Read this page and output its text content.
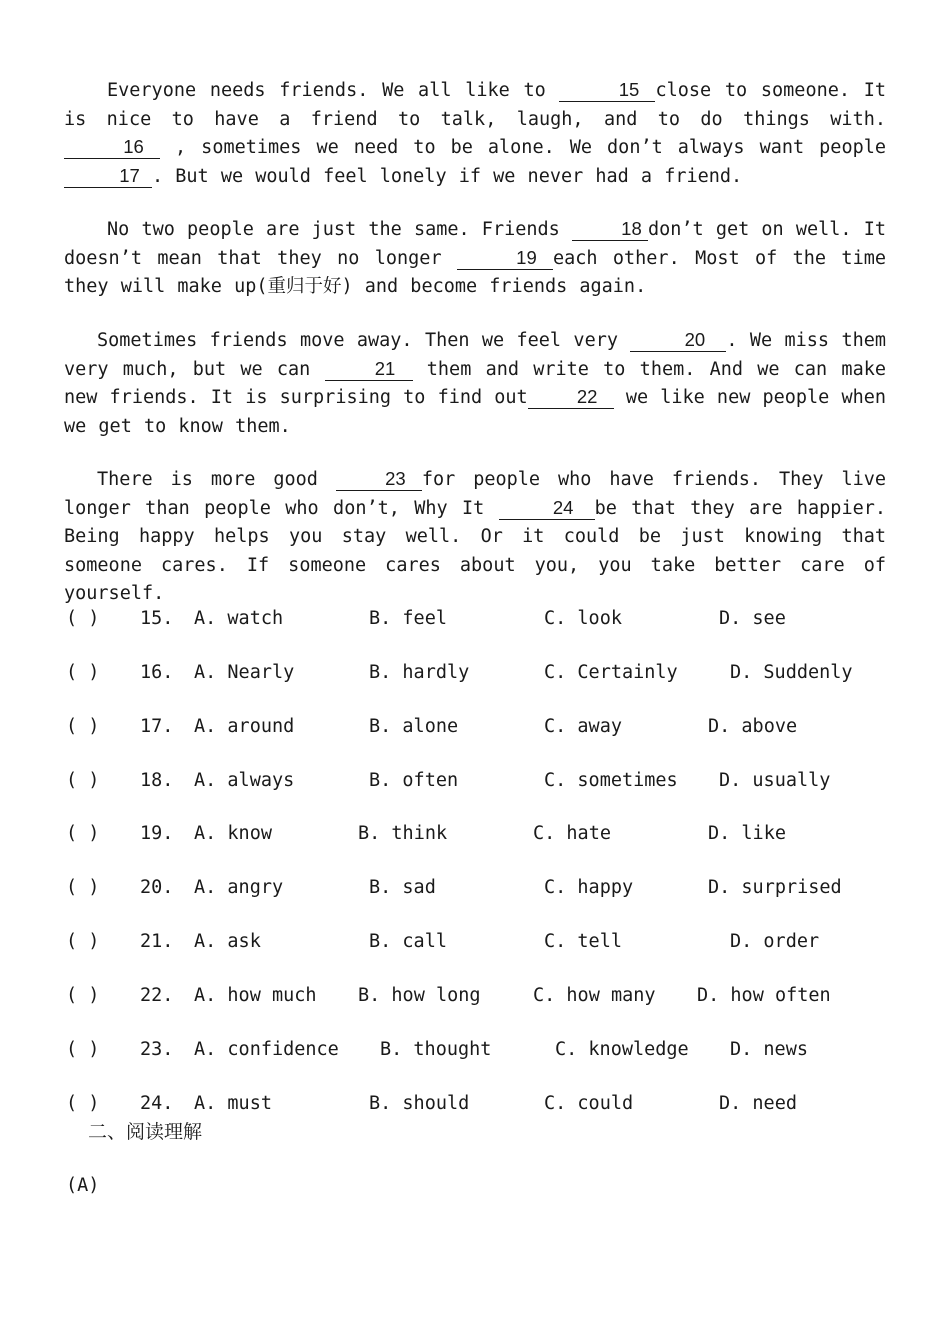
Everyone needs friends. We all like to	15 close to someone. It is nice to have a friend to talk, laugh, and to do things with. 16 , sometimes we need to be alone. We don’t always want people17 . But we would feel lonely if we never had a friend.
No two people are just the same. Friends	18 don’t get on well. It doesn’t mean that they no longer	19 each other. Most of the time they will make up(重归于好) and become friends again.
Sometimes friends move away. Then we feel very	20 . We miss them very much, but we can	21 them and write to them. And we can make new friends. It is surprising to find out	22 we like new people when we get to know them.
There is more good	23 for people who have friends. They live longer than people who don’t, Why It	24 be that they are happier. Being happy helps you stay well. Or it could be just knowing that someone cares. If someone cares about you, you take better care of yourself.
( ) 15. A. watch	B. feel	C. look	D. see
( ) 16. A. Nearly	B. hardly	C. Certainly	D. Suddenly
( ) 17. A. around	B. alone	C. away	D. above
( ) 18. A. always	B. often	C. sometimes D. usually
( ) 19. A. know	B. think	C. hate	D. like
( ) 20. A. angry	B. sad	C. happy	D. surprised
( ) 21. A. ask	B. call	C. tell	D. order
( ) 22. A. how much B. how long	C. how many D. how often
( ) 23. A. confidence B. thought	C. knowledge D. news
( ) 24. A. must	B. should	C. could	D. need
二、阅读理解
(A)
